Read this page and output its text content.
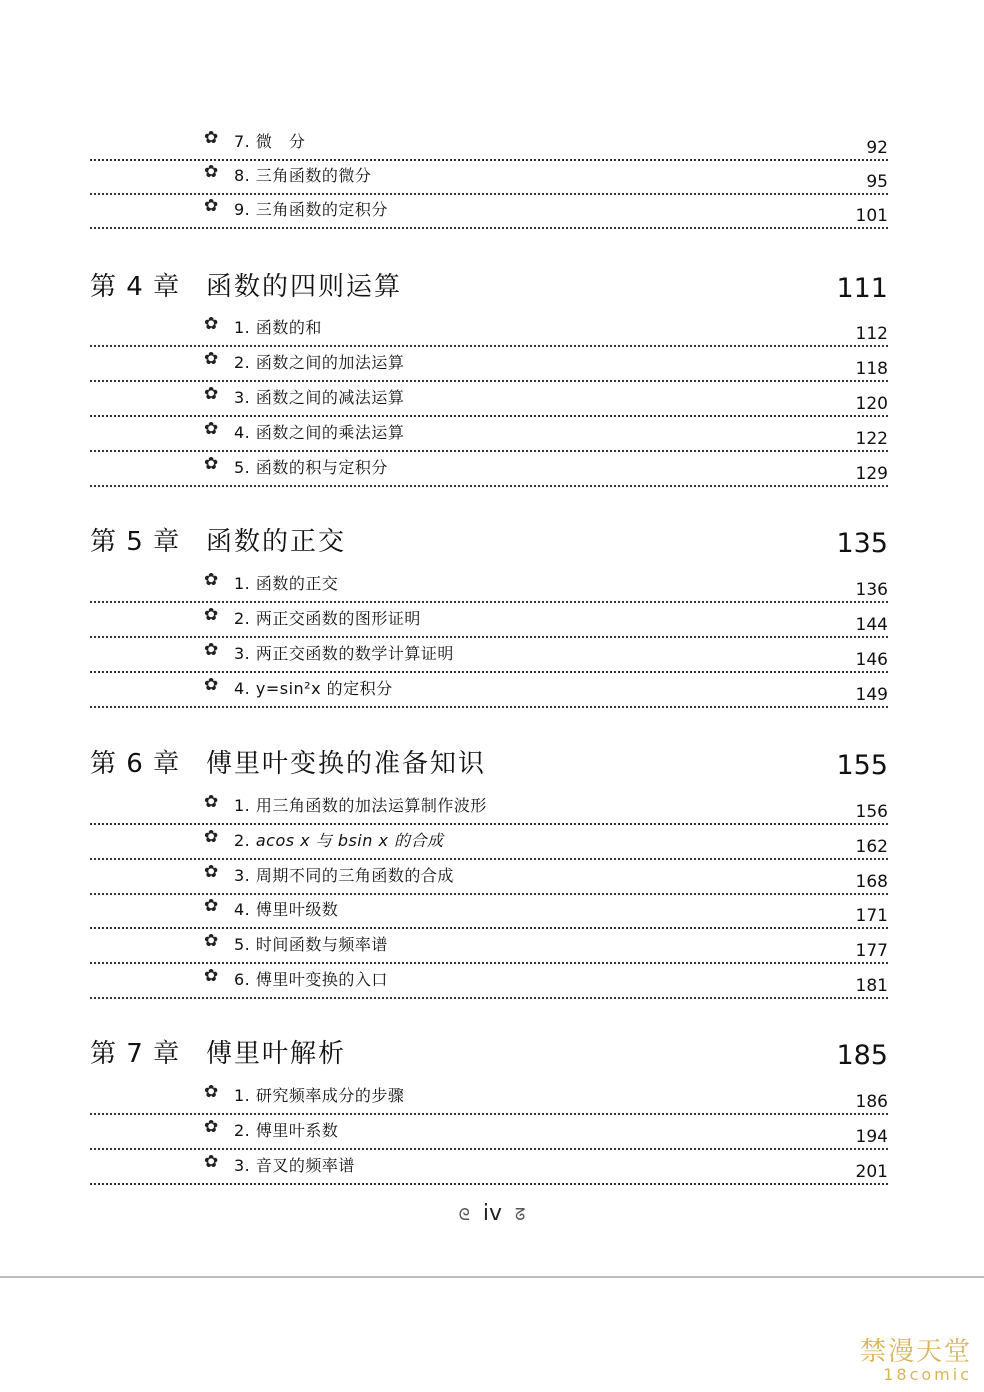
✿ 7. 微　分	92
✿ 8. 三角函数的微分	95
✿ 9. 三角函数的定积分	101
第 4 章 函数的四则运算	111
✿ 1. 函数的和	112
✿ 2. 函数之间的加法运算	118
✿ 3. 函数之间的减法运算	120
✿ 4. 函数之间的乘法运算	122
✿ 5. 函数的积与定积分	129
第 5 章 函数的正交	135
✿ 1. 函数的正交	136
✿ 2. 两正交函数的图形证明	144
✿ 3. 两正交函数的数学计算证明	146
✿ 4. y=sin²x 的定积分	149
第 6 章 傅里叶变换的准备知识	155
✿ 1. 用三角函数的加法运算制作波形	156
✿ 2. acos x 与 bsin x 的合成	162
✿ 3. 周期不同的三角函数的合成	168
✿ 4. 傅里叶级数	171
✿ 5. 时间函数与频率谱	177
✿ 6. 傅里叶变换的入口	181
第 7 章 傅里叶解析	185
✿ 1. 研究频率成分的步骤	186
✿ 2. 傅里叶系数	194
✿ 3. 音叉的频率谱	201
ᘓ iv ᘔ
禁漫天堂
18comic
